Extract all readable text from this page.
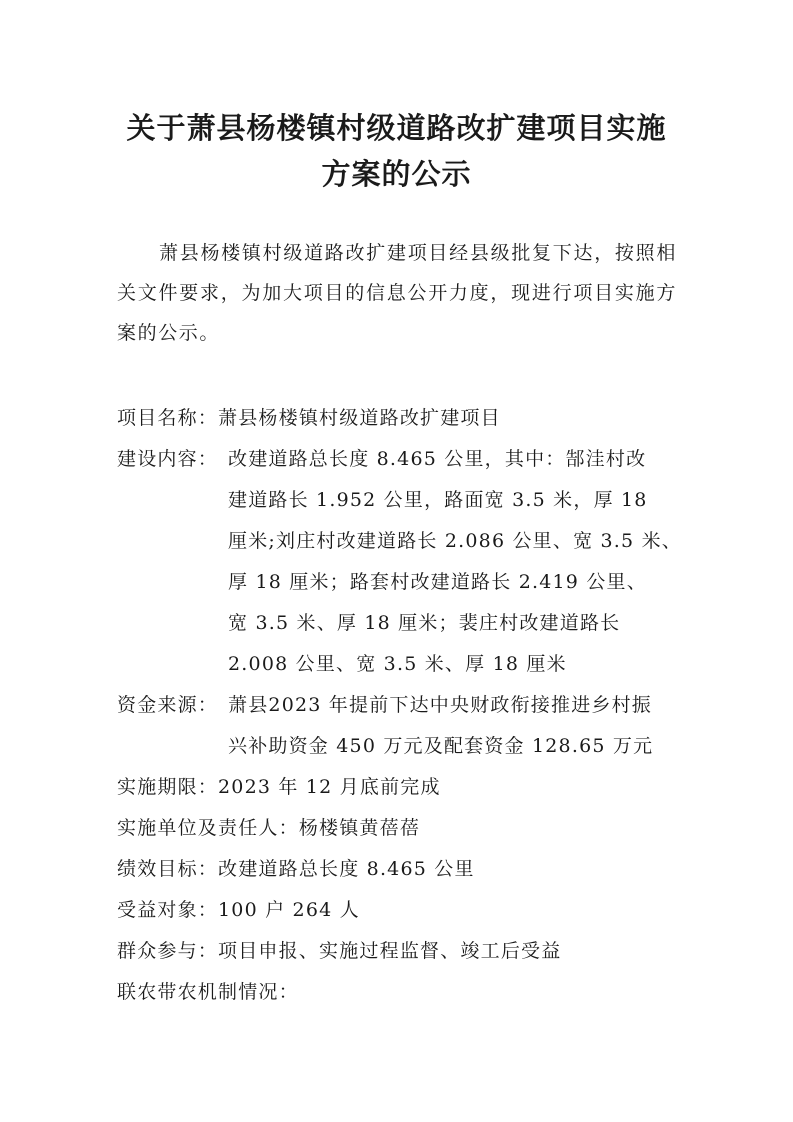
关于萧县杨楼镇村级道路改扩建项目实施
方案的公示

萧县杨楼镇村级道路改扩建项目经县级批复下达，按照相关文件要求，为加大项目的信息公开力度，现进行项目实施方案的公示。

项目名称： 萧县杨楼镇村级道路改扩建项目
建设内容： 改建道路总长度 8.465 公里，其中：郜洼村改
建道路长 1.952 公里，路面宽 3.5 米，厚 18
厘米;刘庄村改建道路长 2.086 公里、宽 3.5 米、
厚 18 厘米；路套村改建道路长 2.419 公里、
宽 3.5 米、厚 18 厘米；裴庄村改建道路长
2.008 公里、宽 3.5 米、厚 18 厘米
资金来源： 萧县2023 年提前下达中央财政衔接推进乡村振
兴补助资金 450 万元及配套资金 128.65 万元
实施期限： 2023 年 12 月底前完成
实施单位及责任人： 杨楼镇黄蓓蓓
绩效目标： 改建道路总长度 8.465 公里
受益对象： 100 户 264 人
群众参与： 项目申报、实施过程监督、竣工后受益
联农带农机制情况：
